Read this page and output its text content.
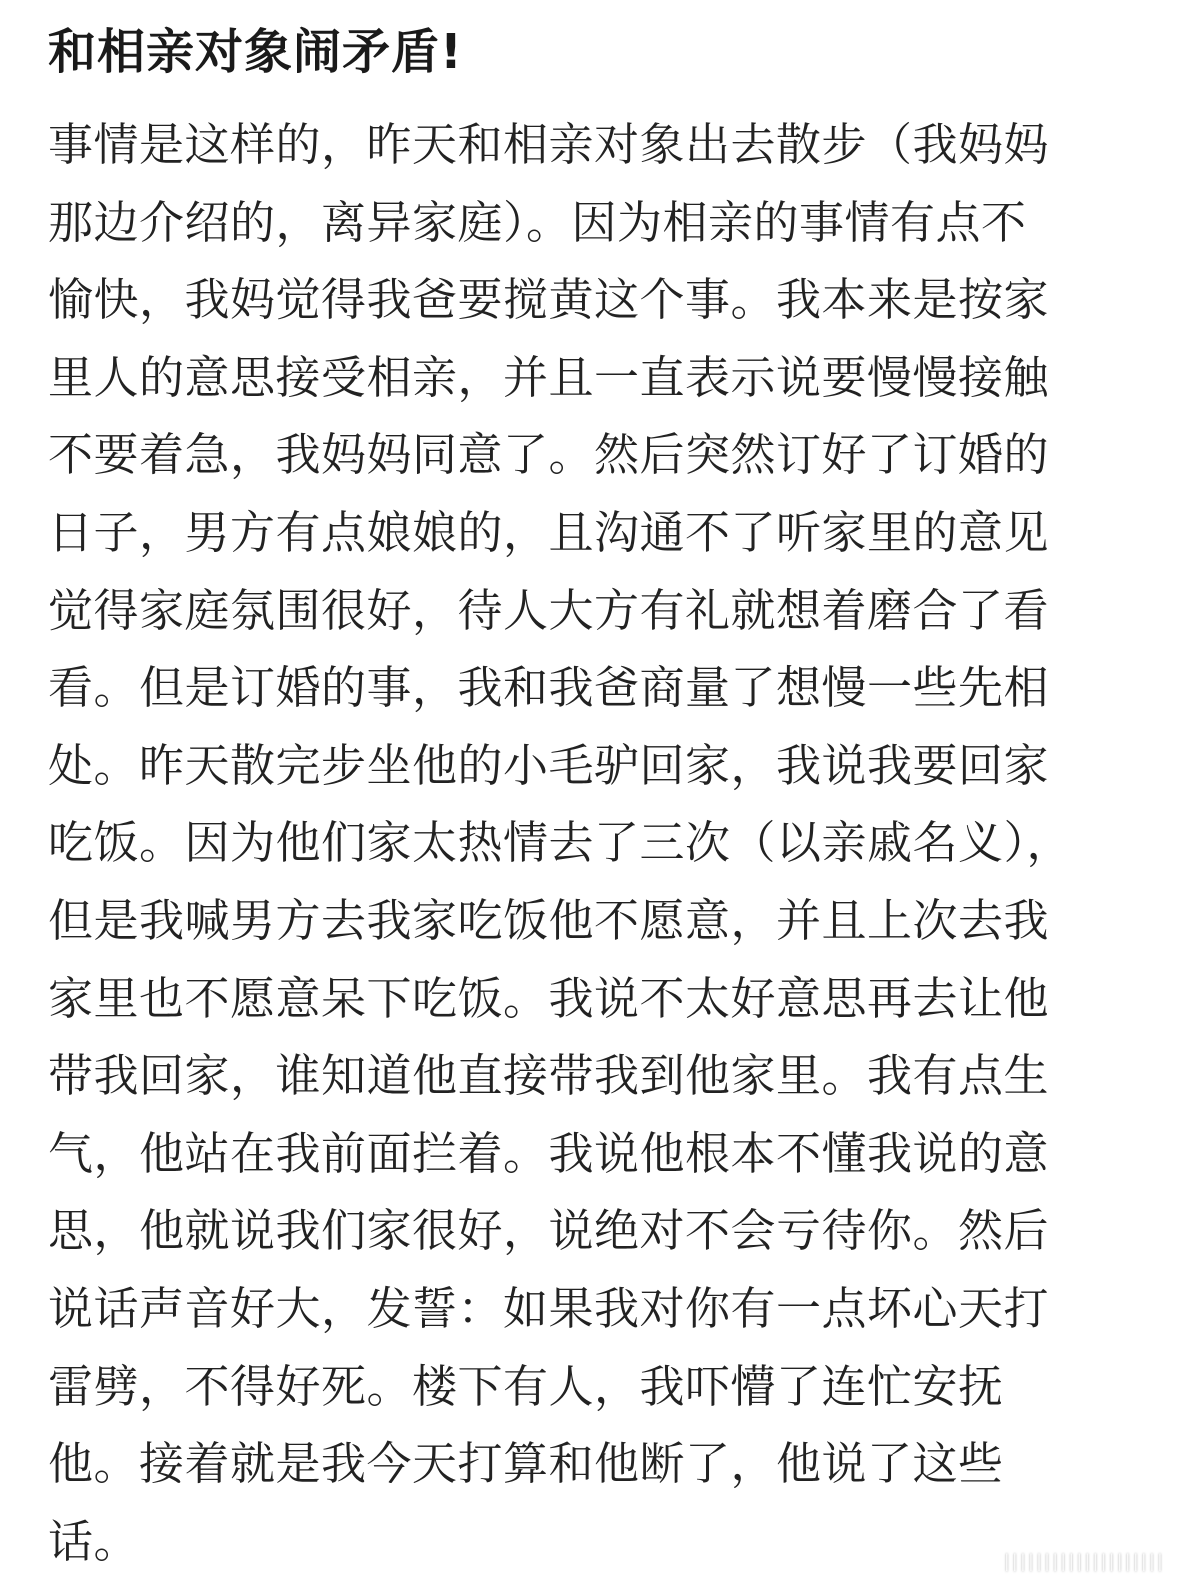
和相亲对象闹矛盾!
事情是这样的，昨天和相亲对象出去散步（我妈妈
那边介绍的，离异家庭）。因为相亲的事情有点不
愉快，我妈觉得我爸要搅黄这个事。我本来是按家
里人的意思接受相亲，并且一直表示说要慢慢接触
不要着急，我妈妈同意了。然后突然订好了订婚的
日子，男方有点娘娘的，且沟通不了听家里的意见
觉得家庭氛围很好，待人大方有礼就想着磨合了看
看。但是订婚的事，我和我爸商量了想慢一些先相
处。昨天散完步坐他的小毛驴回家，我说我要回家
吃饭。因为他们家太热情去了三次（以亲戚名义），
但是我喊男方去我家吃饭他不愿意，并且上次去我
家里也不愿意呆下吃饭。我说不太好意思再去让他
带我回家，谁知道他直接带我到他家里。我有点生
气，他站在我前面拦着。我说他根本不懂我说的意
思，他就说我们家很好，说绝对不会亏待你。然后
说话声音好大，发誓：如果我对你有一点坏心天打
雷劈，不得好死。楼下有人，我吓懵了连忙安抚
他。接着就是我今天打算和他断了，他说了这些
话。	||||||||||||||||||||
